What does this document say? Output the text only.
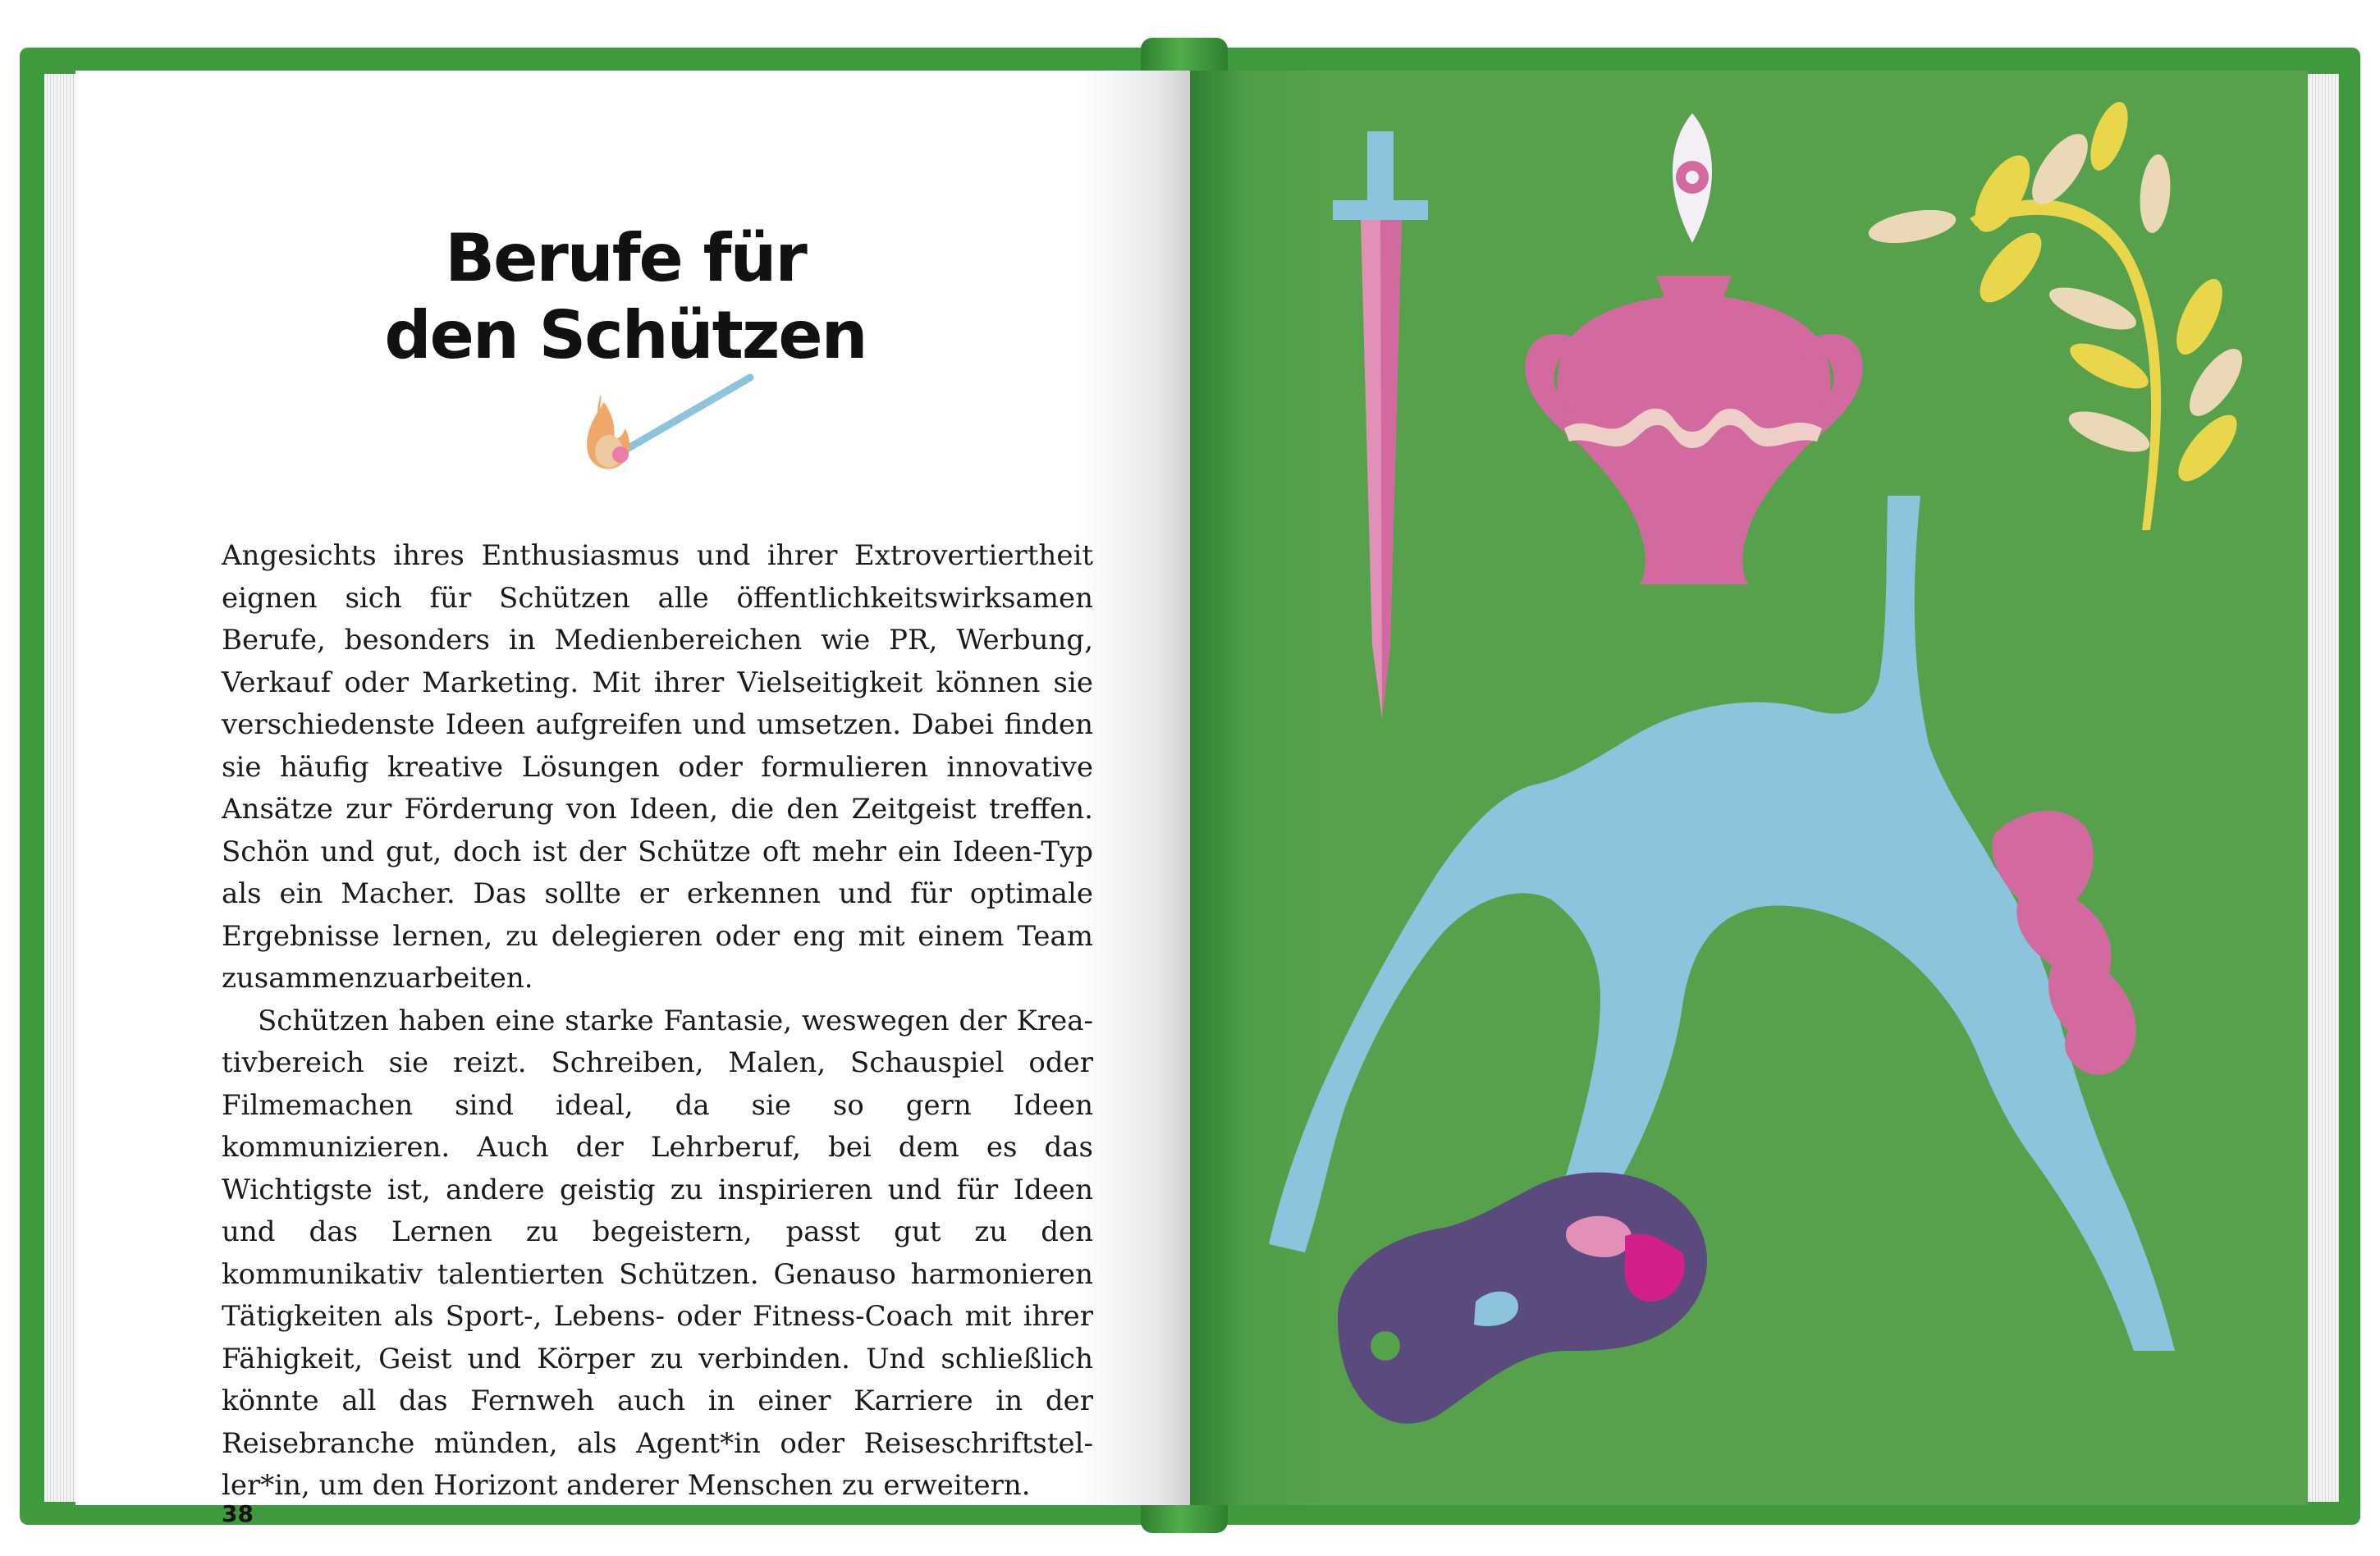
Berufe für
den Schützen

Angesichts ihres Enthusiasmus und ihrer Extrovertiertheit eignen sich für Schützen alle öffentlichkeitswirksamen Berufe, besonders in Medienbereichen wie PR, Werbung, Verkauf oder Marketing. Mit ihrer Vielseitigkeit können sie verschiedenste Ideen aufgreifen und umsetzen. Dabei finden sie häufig kreative Lösungen oder formulieren innovative Ansätze zur Förderung von Ideen, die den Zeitgeist treffen. Schön und gut, doch ist der Schütze oft mehr ein Ideen-Typ als ein Macher. Das sollte er erkennen und für optimale Ergebnisse lernen, zu delegieren oder eng mit einem Team zusammenzuarbeiten.

Schützen haben eine starke Fantasie, weswegen der Kreativbereich sie reizt. Schreiben, Malen, Schauspiel oder Filmemachen sind ideal, da sie so gern Ideen kommunizieren. Auch der Lehrberuf, bei dem es das Wichtigste ist, andere geistig zu inspirieren und für Ideen und das Lernen zu begeistern, passt gut zu den kommunikativ talentierten Schützen. Genauso harmonieren Tätigkeiten als Sport-, Lebens- oder Fitness-Coach mit ihrer Fähigkeit, Geist und Körper zu verbinden. Und schließlich könnte all das Fernweh auch in einer Karriere in der Reisebranche münden, als Agent*in oder Reiseschriftsteller*in, um den Horizont anderer Menschen zu erweitern.

38
